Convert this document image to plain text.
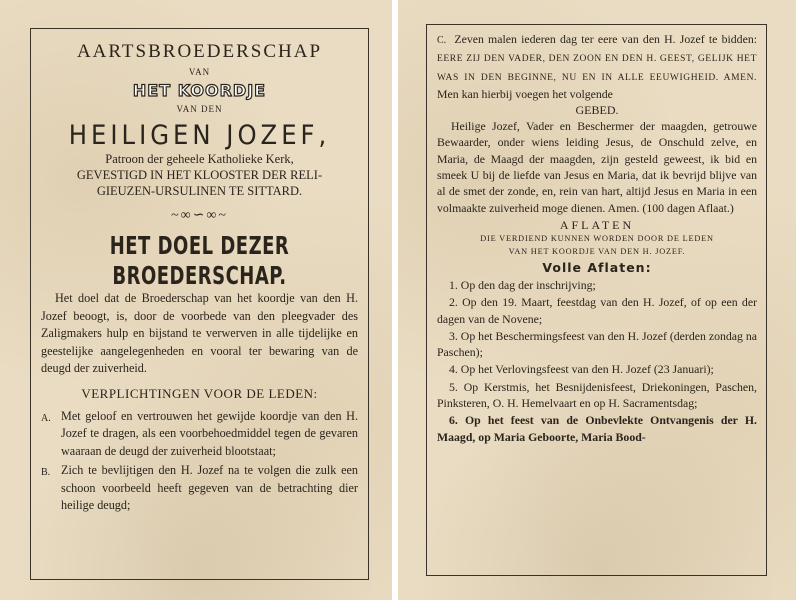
AARTSBROEDERSCHAP
VAN
HET KOORDJE
VAN DEN
HEILIGEN JOZEF,
Patroon der geheele Katholieke Kerk,
GEVESTIGD IN HET KLOOSTER DER RELI-
GIEUZEN-URSULINEN TE SITTARD.
~∞∽∞~
HET DOEL DEZER BROEDERSCHAP.
Het doel dat de Broederschap van het koordje van den H. Jozef beoogt, is, door de voorbede van den pleegvader des Zaligmakers hulp en bijstand te verwerven in alle tijdelijke en geestelijke aangelegenheden en vooral ter bewaring van de deugd der zuiverheid.
VERPLICHTINGEN VOOR DE LEDEN:
A. Met geloof en vertrouwen het gewijde koordje van den H. Jozef te dragen, als een voorbehoedmiddel tegen de gevaren waaraan de deugd der zuiverheid blootstaat;
B. Zich te bevlijtigen den H. Jozef na te volgen die zulk een schoon voorbeeld heeft gegeven van de betrachting dier heilige deugd;
C. Zeven malen iederen dag ter eere van den H. Jozef te bidden: EERE ZIJ DEN VADER, DEN ZOON EN DEN H. GEEST, GELIJK HET WAS IN DEN BEGINNE, NU EN IN ALLE EEUWIGHEID. AMEN. Men kan hierbij voegen het volgende
GEBED.
Heilige Jozef, Vader en Beschermer der maagden, getrouwe Bewaarder, onder wiens leiding Jesus, de Onschuld zelve, en Maria, de Maagd der maagden, zijn gesteld geweest, ik bid en smeek U bij de liefde van Jesus en Maria, dat ik bevrijd blijve van al de smet der zonde, en, rein van hart, altijd Jesus en Maria in een volmaakte zuiverheid moge dienen. Amen. (100 dagen Aflaat.)
AFLATEN
DIE VERDIEND KUNNEN WORDEN DOOR DE LEDEN
VAN HET KOORDJE VAN DEN H. JOZEF.
Volle Aflaten:
1. Op den dag der inschrijving;
2. Op den 19. Maart, feestdag van den H. Jozef, of op een der dagen van de Novene;
3. Op het Beschermingsfeest van den H. Jozef (derden zondag na Paschen);
4. Op het Verlovingsfeest van den H. Jozef (23 Januari);
5. Op Kerstmis, het Besnijdenisfeest, Driekoningen, Paschen, Pinksteren, O. H. Hemelvaart en op H. Sacramentsdag;
6. Op het feest van de Onbevlekte Ontvangenis der H. Maagd, op Maria Geboorte, Maria Bood-
